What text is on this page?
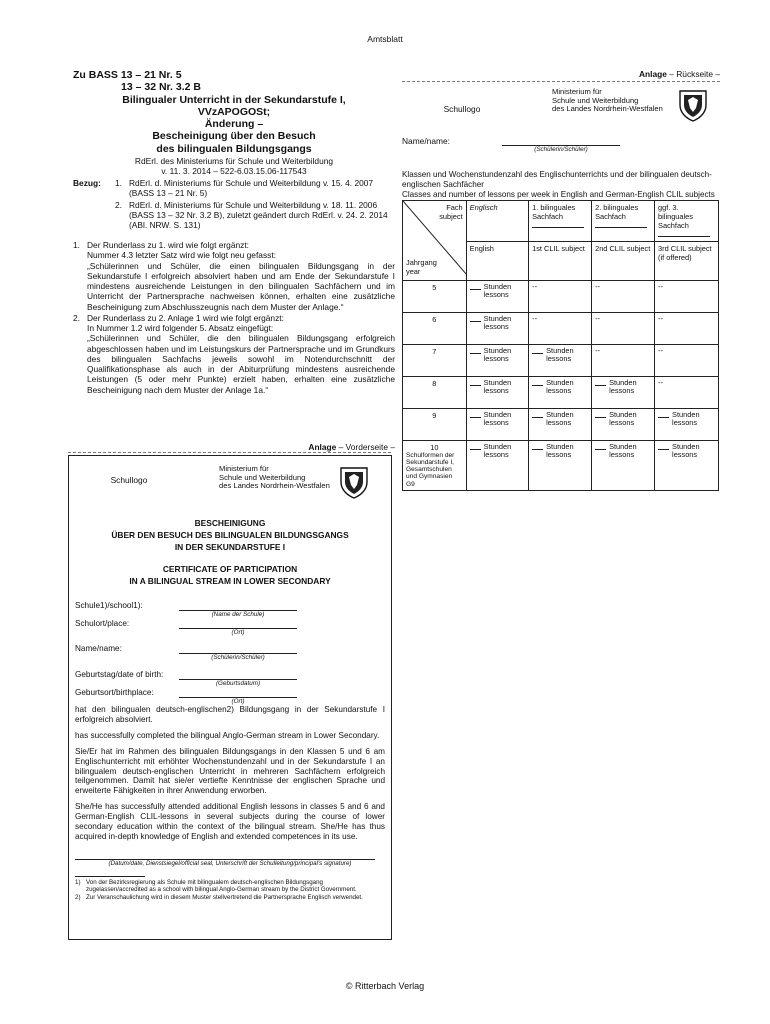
Amtsblatt
Zu BASS 13 – 21 Nr. 5
13 – 32 Nr. 3.2 B
Bilingualer Unterricht in der Sekundarstufe I,
VVzAPOGOSt;
Änderung –
Bescheinigung über den Besuch
des bilingualen Bildungsgangs
RdErl. des Ministeriums für Schule und Weiterbildung
v. 11. 3. 2014 – 522-6.03.15.06-117543
Bezug:	1. RdErl. d. Ministeriums für Schule und Weiterbildung v. 15. 4. 2007 (BASS 13 – 21 Nr. 5)
2. RdErl. d. Ministeriums für Schule und Weiterbildung v. 18. 11. 2006 (BASS 13 – 32 Nr. 3.2 B), zuletzt geändert durch RdErl. v. 24. 2. 2014 (ABl. NRW. S. 131)
1. Der Runderlass zu 1. wird wie folgt ergänzt:
Nummer 4.3 letzter Satz wird wie folgt neu gefasst:
„Schülerinnen und Schüler, die einen bilingualen Bildungsgang in der Sekundarstufe I erfolgreich absolviert haben und am Ende der Sekundarstufe I mindestens ausreichende Leistungen in den bilingualen Sachfächern und im Unterricht der Partnersprache nachweisen können, erhalten eine zusätzliche Bescheinigung zum Abschlusszeugnis nach dem Muster der Anlage.“
2. Der Runderlass zu 2. Anlage 1 wird wie folgt ergänzt:
In Nummer 1.2 wird folgender 5. Absatz eingefügt:
„Schülerinnen und Schüler, die den bilingualen Bildungsgang erfolgreich abgeschlossen haben und im Leistungskurs der Partnersprache und im Grundkurs des bilingualen Sachfachs jeweils sowohl im Notendurchschnitt der Qualifikationsphase als auch in der Abiturprüfung mindestens ausreichende Leistungen (5 oder mehr Punkte) erzielt haben, erhalten eine zusätzliche Bescheinigung nach dem Muster der Anlage 1a.“
Anlage – Vorderseite –
Schullogo
Ministerium für
Schule und Weiterbildung
des Landes Nordrhein-Westfalen
BESCHEINIGUNG
ÜBER DEN BESUCH DES BILINGUALEN BILDUNGSGANGS
IN DER SEKUNDARSTUFE I
CERTIFICATE OF PARTICIPATION
IN A BILINGUAL STREAM IN LOWER SECONDARY
Schule1)/school1):
(Name der Schule)
Schulort/place:
(Ort)
Name/name:
(Schülerin/Schüler)
Geburtstag/date of birth:
(Geburtsdatum)
Geburtsort/birthplace:
(Ort)
hat den bilingualen deutsch-englischen2) Bildungsgang in der Sekundarstufe I erfolgreich absolviert.
has successfully completed the bilingual Anglo-German stream in Lower Secondary.
Sie/Er hat im Rahmen des bilingualen Bildungsgangs in den Klassen 5 und 6 am Englischunterricht mit erhöhter Wochenstundenzahl und in der Sekundarstufe I an bilingualem deutsch-englischen Unterricht in mehreren Sachfächern erfolgreich teilgenommen. Damit hat sie/er vertiefte Kenntnisse der englischen Sprache und erweiterte Fähigkeiten in ihrer Anwendung erworben.
She/He has successfully attended additional English lessons in classes 5 and 6 and German-English CLIL-lessons in several subjects during the course of lower secondary education within the context of the bilingual stream. She/He has thus acquired in-depth knowledge of English and extended competences in its use.
(Datum/date, Dienstsiegel/official seal, Unterschrift der Schulleitung/principal's signature)
1) Von der Bezirksregierung als Schule mit bilingualem deutsch-englischen Bildungsgang zugelassen/accredited as a school with bilingual Anglo-German stream by the District Government.
2) Zur Veranschaulichung wird in diesem Muster stellvertretend die Partnersprache Englisch verwendet.
Anlage – Rückseite –
Schullogo
Ministerium für
Schule und Weiterbildung
des Landes Nordrhein-Westfalen
Name/name:
(Schülerin/Schüler)
Klassen und Wochenstundenzahl des Englischunterrichts und der bilingualen deutsch-englischen Sachfächer
Classes and number of lessons per week in English and German-English CLIL subjects
Fach subject
Jahrgang year	Englisch	1. bilinguales Sachfach	2. bilinguales Sachfach	ggf. 3. bilinguales Sachfach
	English	1st CLIL subject	2nd CLIL subject	3rd CLIL subject (if offered)

5	Stunden lessons	--	--	--

6	Stunden lessons	--	--	--

7	Stunden lessons	Stunden lessons	--	--

8	Stunden lessons	Stunden lessons	Stunden lessons	--

9	Stunden lessons	Stunden lessons	Stunden lessons	Stunden lessons

10
Schulformen der Sekundarstufe I, Gesamtschulen und Gymnasien G9	Stunden lessons	Stunden lessons	Stunden lessons	Stunden lessons
© Ritterbach Verlag
